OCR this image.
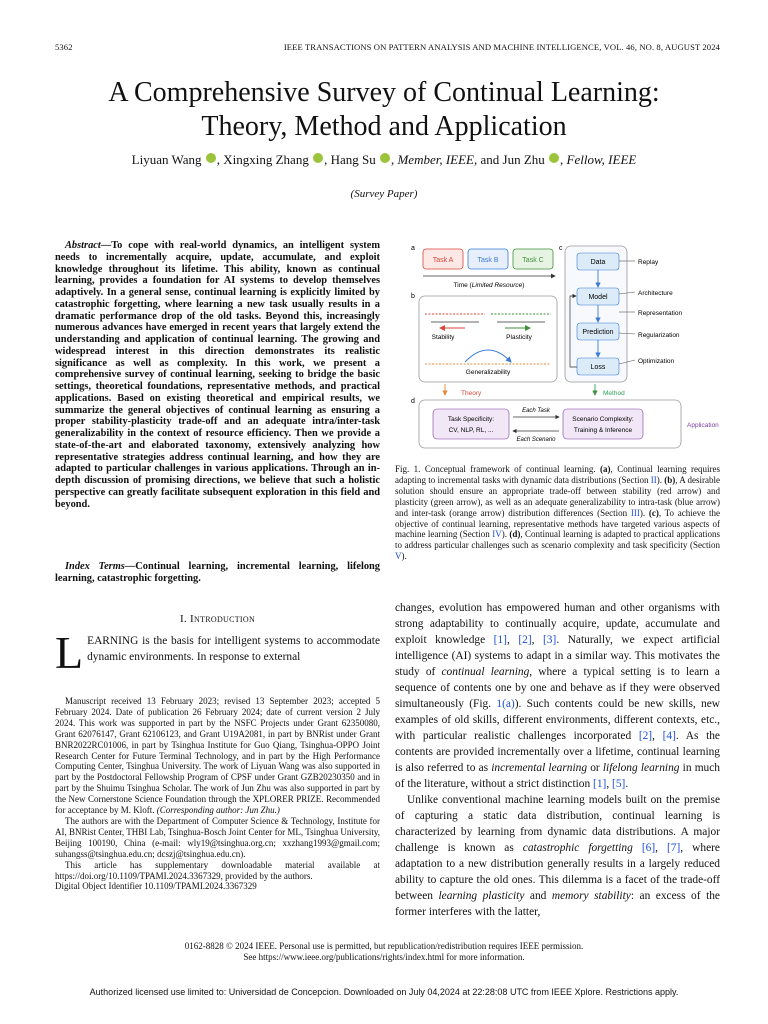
5362	IEEE TRANSACTIONS ON PATTERN ANALYSIS AND MACHINE INTELLIGENCE, VOL. 46, NO. 8, AUGUST 2024
A Comprehensive Survey of Continual Learning:
Theory, Method and Application
Liyuan Wang , Xingxing Zhang , Hang Su , Member, IEEE, and Jun Zhu , Fellow, IEEE
(Survey Paper)
Abstract—To cope with real-world dynamics, an intelligent system needs to incrementally acquire, update, accumulate, and exploit knowledge throughout its lifetime. This ability, known as continual learning, provides a foundation for AI systems to develop themselves adaptively. In a general sense, continual learning is explicitly limited by catastrophic forgetting, where learning a new task usually results in a dramatic performance drop of the old tasks. Beyond this, increasingly numerous advances have emerged in recent years that largely extend the understanding and application of continual learning. The growing and widespread interest in this direction demonstrates its realistic significance as well as complexity. In this work, we present a comprehensive survey of continual learning, seeking to bridge the basic settings, theoretical foundations, representative methods, and practical applications. Based on existing theoretical and empirical results, we summarize the general objectives of continual learning as ensuring a proper stability-plasticity trade-off and an adequate intra/inter-task generalizability in the context of resource efficiency. Then we provide a state-of-the-art and elaborated taxonomy, extensively analyzing how representative strategies address continual learning, and how they are adapted to particular challenges in various applications. Through an in-depth discussion of promising directions, we believe that such a holistic perspective can greatly facilitate subsequent exploration in this field and beyond.
Index Terms—Continual learning, incremental learning, lifelong learning, catastrophic forgetting.
I. Introduction
LEARNING is the basis for intelligent systems to accommodate dynamic environments. In response to external

Manuscript received 13 February 2023; revised 13 September 2023; accepted 5 February 2024. Date of publication 26 February 2024; date of current version 2 July 2024. This work was supported in part by the NSFC Projects under Grant 62350080, Grant 62076147, Grant 62106123, and Grant U19A2081, in part by BNRist under Grant BNR2022RC01006, in part by Tsinghua Institute for Guo Qiang, Tsinghua-OPPO Joint Research Center for Future Terminal Technology, and in part by the High Performance Computing Center, Tsinghua University. The work of Liyuan Wang was also supported in part by the Postdoctoral Fellowship Program of CPSF under Grant GZB20230350 and in part by the Shuimu Tsinghua Scholar. The work of Jun Zhu was also supported in part by the New Cornerstone Science Foundation through the XPLORER PRIZE. Recommended for acceptance by M. Kloft. (Corresponding author: Jun Zhu.)

The authors are with the Department of Computer Science & Technology, Institute for AI, BNRist Center, THBI Lab, Tsinghua-Bosch Joint Center for ML, Tsinghua University, Beijing 100190, China (e-mail: wly19@tsinghua.org.cn; xxzhang1993@gmail.com; suhangss@tsinghua.edu.cn; dcszj@tsinghua.edu.cn).

This article has supplementary downloadable material available at https://doi.org/10.1109/TPAMI.2024.3367329, provided by the authors.

Digital Object Identifier 10.1109/TPAMI.2024.3367329

a
Task A	Task B	Task C
Time (Limited Resource)
b
Stability	Plasticity
Generalizability
c
Data
Model
Prediction
Loss
Replay
Architecture
Representation
Regularization
Optimization
Theory	Method
d
Task Specificity:
CV, NLP, RL, ...
Each Task
Each Scenario
Scenario Complexity:
Training & Inference
Application
Fig. 1. Conceptual framework of continual learning. (a), Continual learning requires adapting to incremental tasks with dynamic data distributions (Section II). (b), A desirable solution should ensure an appropriate trade-off between stability (red arrow) and plasticity (green arrow), as well as an adequate generalizability to intra-task (blue arrow) and inter-task (orange arrow) distribution differences (Section III). (c), To achieve the objective of continual learning, representative methods have targeted various aspects of machine learning (Section IV). (d), Continual learning is adapted to practical applications to address particular challenges such as scenario complexity and task specificity (Section V).

changes, evolution has empowered human and other organisms with strong adaptability to continually acquire, update, accumulate and exploit knowledge [1], [2], [3]. Naturally, we expect artificial intelligence (AI) systems to adapt in a similar way. This motivates the study of continual learning, where a typical setting is to learn a sequence of contents one by one and behave as if they were observed simultaneously (Fig. 1(a)). Such contents could be new skills, new examples of old skills, different environments, different contexts, etc., with particular realistic challenges incorporated [2], [4]. As the contents are provided incrementally over a lifetime, continual learning is also referred to as incremental learning or lifelong learning in much of the literature, without a strict distinction [1], [5].

Unlike conventional machine learning models built on the premise of capturing a static data distribution, continual learning is characterized by learning from dynamic data distributions. A major challenge is known as catastrophic forgetting [6], [7], where adaptation to a new distribution generally results in a largely reduced ability to capture the old ones. This dilemma is a facet of the trade-off between learning plasticity and memory stability: an excess of the former interferes with the latter,

0162-8828 © 2024 IEEE. Personal use is permitted, but republication/redistribution requires IEEE permission.
See https://www.ieee.org/publications/rights/index.html for more information.
Authorized licensed use limited to: Universidad de Concepcion. Downloaded on July 04,2024 at 22:28:08 UTC from IEEE Xplore. Restrictions apply.
